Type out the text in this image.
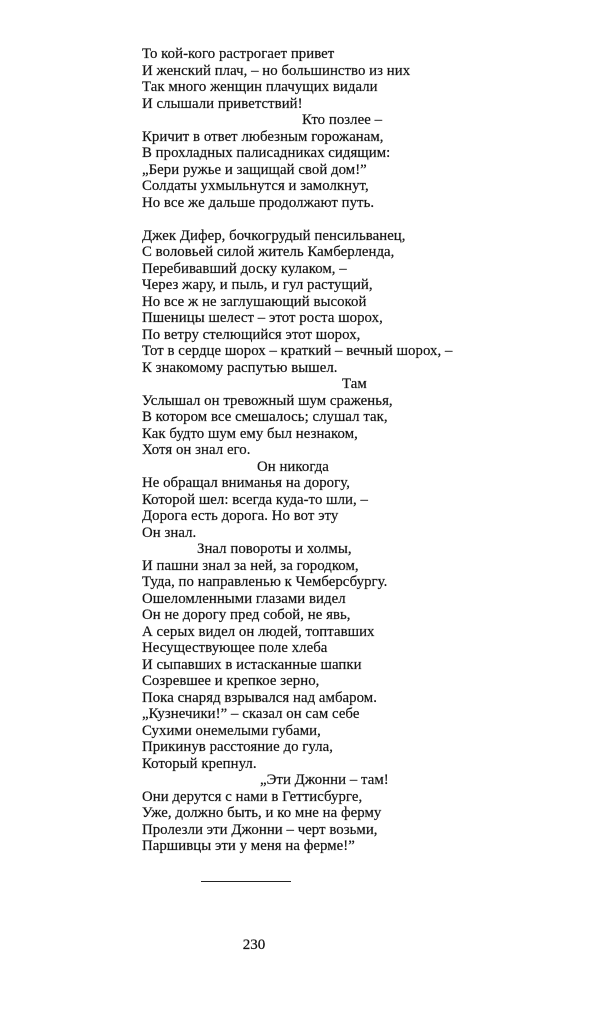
То кой-кого растрогает привет
И женский плач, – но большинство из них
Так много женщин плачущих видали
И слышали приветствий!
Кто позлее –
Кричит в ответ любезным горожанам,
В прохладных палисадниках сидящим:
„Бери ружье и защищай свой дом!”
Солдаты ухмыльнутся и замолкнут,
Но все же дальше продолжают путь.
Джек Дифер, бочкогрудый пенсильванец,
С воловьей силой житель Камберленда,
Перебивавший доску кулаком, –
Через жару, и пыль, и гул растущий,
Но все ж не заглушающий высокой
Пшеницы шелест – этот роста шорох,
По ветру стелющийся этот шорох,
Тот в сердце шорох – краткий – вечный шорох, –
К знакомому распутью вышел.
Там
Услышал он тревожный шум сраженья,
В котором все смешалось; слушал так,
Как будто шум ему был незнаком,
Хотя он знал его.
Он никогда
Не обращал вниманья на дорогу,
Которой шел: всегда куда-то шли, –
Дорога есть дорога. Но вот эту
Он знал.
Знал повороты и холмы,
И пашни знал за ней, за городком,
Туда, по направленью к Чемберсбургу.
Ошеломленными глазами видел
Он не дорогу пред собой, не явь,
А серых видел он людей, топтавших
Несуществующее поле хлеба
И сыпавших в истасканные шапки
Созревшее и крепкое зерно,
Пока снаряд взрывался над амбаром.
„Кузнечики!” – сказал он сам себе
Сухими онемелыми губами,
Прикинув расстояние до гула,
Который крепнул.
„Эти Джонни – там!
Они дерутся с нами в Геттисбурге,
Уже, должно быть, и ко мне на ферму
Пролезли эти Джонни – черт возьми,
Паршивцы эти у меня на ферме!”
230
